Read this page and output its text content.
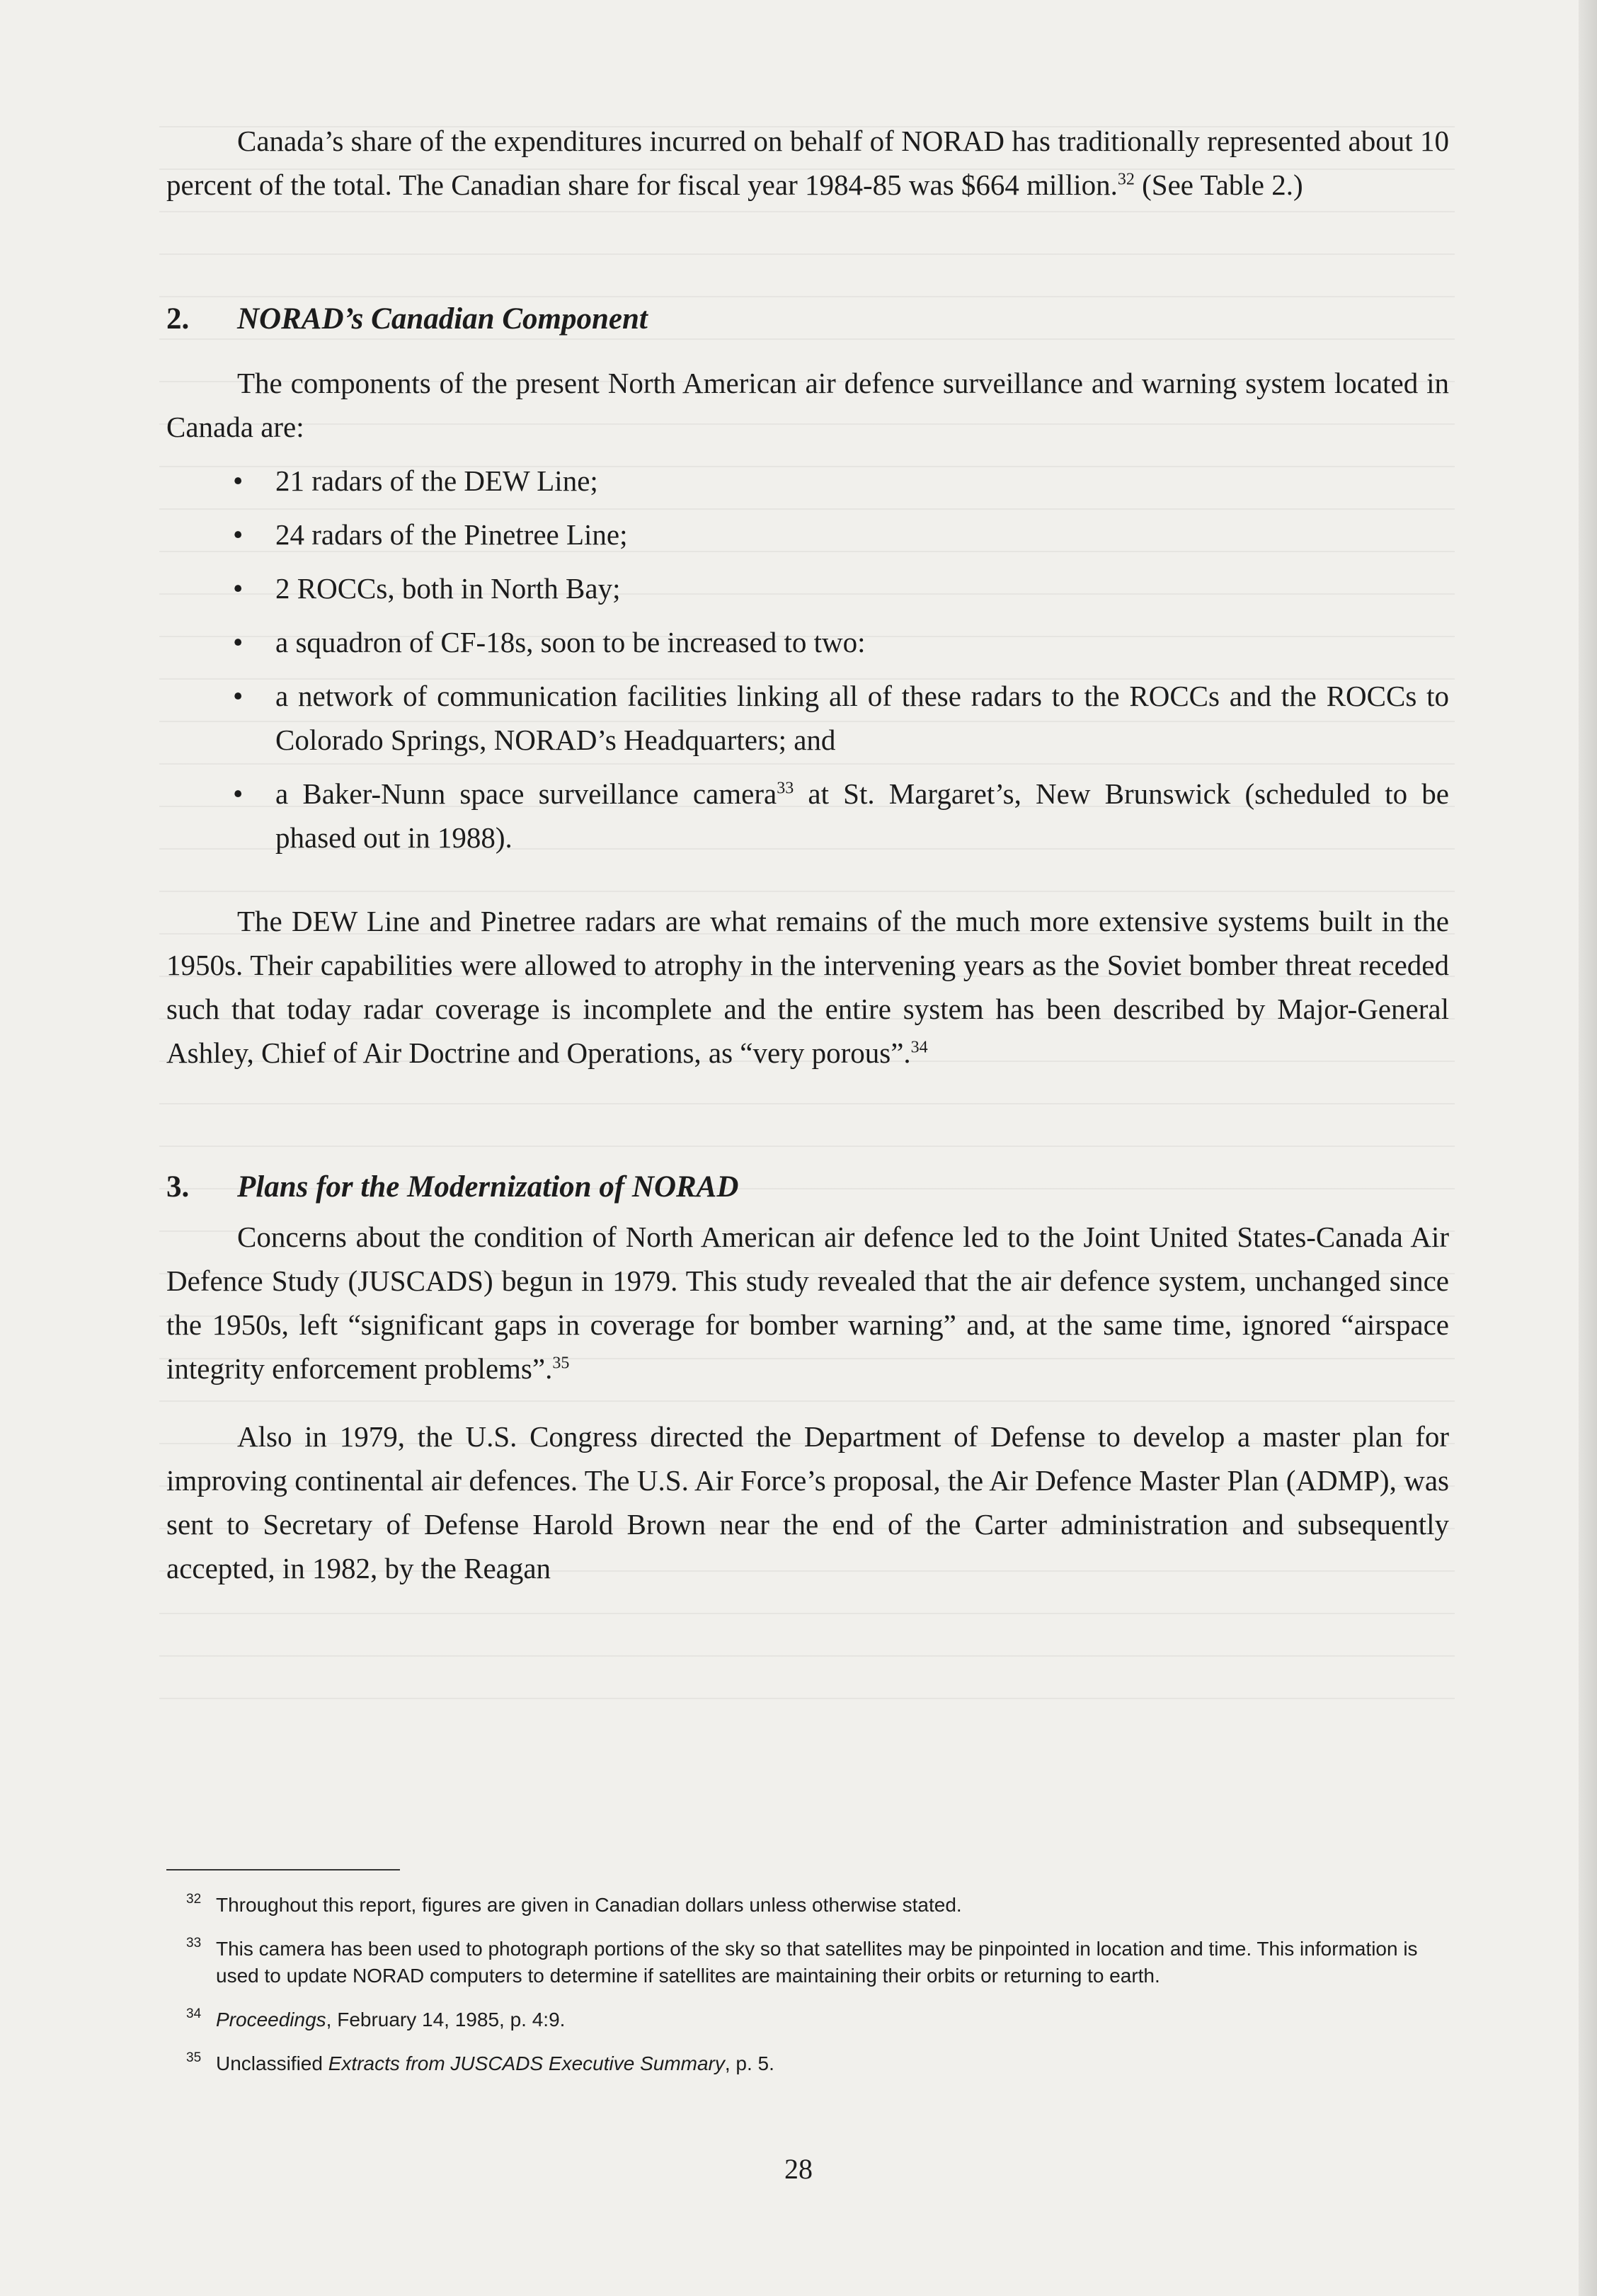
Canada’s share of the expenditures incurred on behalf of NORAD has traditionally represented about 10 percent of the total. The Canadian share for fiscal year 1984-85 was $664 million.$^{32}$ (See Table 2.)

2. NORAD’s Canadian Component

The components of the present North American air defence surveillance and warning system located in Canada are:

• 21 radars of the DEW Line;
• 24 radars of the Pinetree Line;
• 2 ROCCs, both in North Bay;
• a squadron of CF-18s, soon to be increased to two:
• a network of communication facilities linking all of these radars to the ROCCs and the ROCCs to Colorado Springs, NORAD’s Headquarters; and
• a Baker-Nunn space surveillance camera$^{33}$ at St. Margaret’s, New Brunswick (scheduled to be phased out in 1988).

The DEW Line and Pinetree radars are what remains of the much more extensive systems built in the 1950s. Their capabilities were allowed to atrophy in the intervening years as the Soviet bomber threat receded such that today radar coverage is incomplete and the entire system has been described by Major-General Ashley, Chief of Air Doctrine and Operations, as “very porous”.$^{34}$

3. Plans for the Modernization of NORAD

Concerns about the condition of North American air defence led to the Joint United States-Canada Air Defence Study (JUSCADS) begun in 1979. This study revealed that the air defence system, unchanged since the 1950s, left “significant gaps in coverage for bomber warning” and, at the same time, ignored “airspace integrity enforcement problems”.$^{35}$

Also in 1979, the U.S. Congress directed the Department of Defense to develop a master plan for improving continental air defences. The U.S. Air Force’s proposal, the Air Defence Master Plan (ADMP), was sent to Secretary of Defense Harold Brown near the end of the Carter administration and subsequently accepted, in 1982, by the Reagan

32 Throughout this report, figures are given in Canadian dollars unless otherwise stated.
33 This camera has been used to photograph portions of the sky so that satellites may be pinpointed in location and time. This information is used to update NORAD computers to determine if satellites are maintaining their orbits or returning to earth.
34 Proceedings, February 14, 1985, p. 4:9.
35 Unclassified Extracts from JUSCADS Executive Summary, p. 5.
28
